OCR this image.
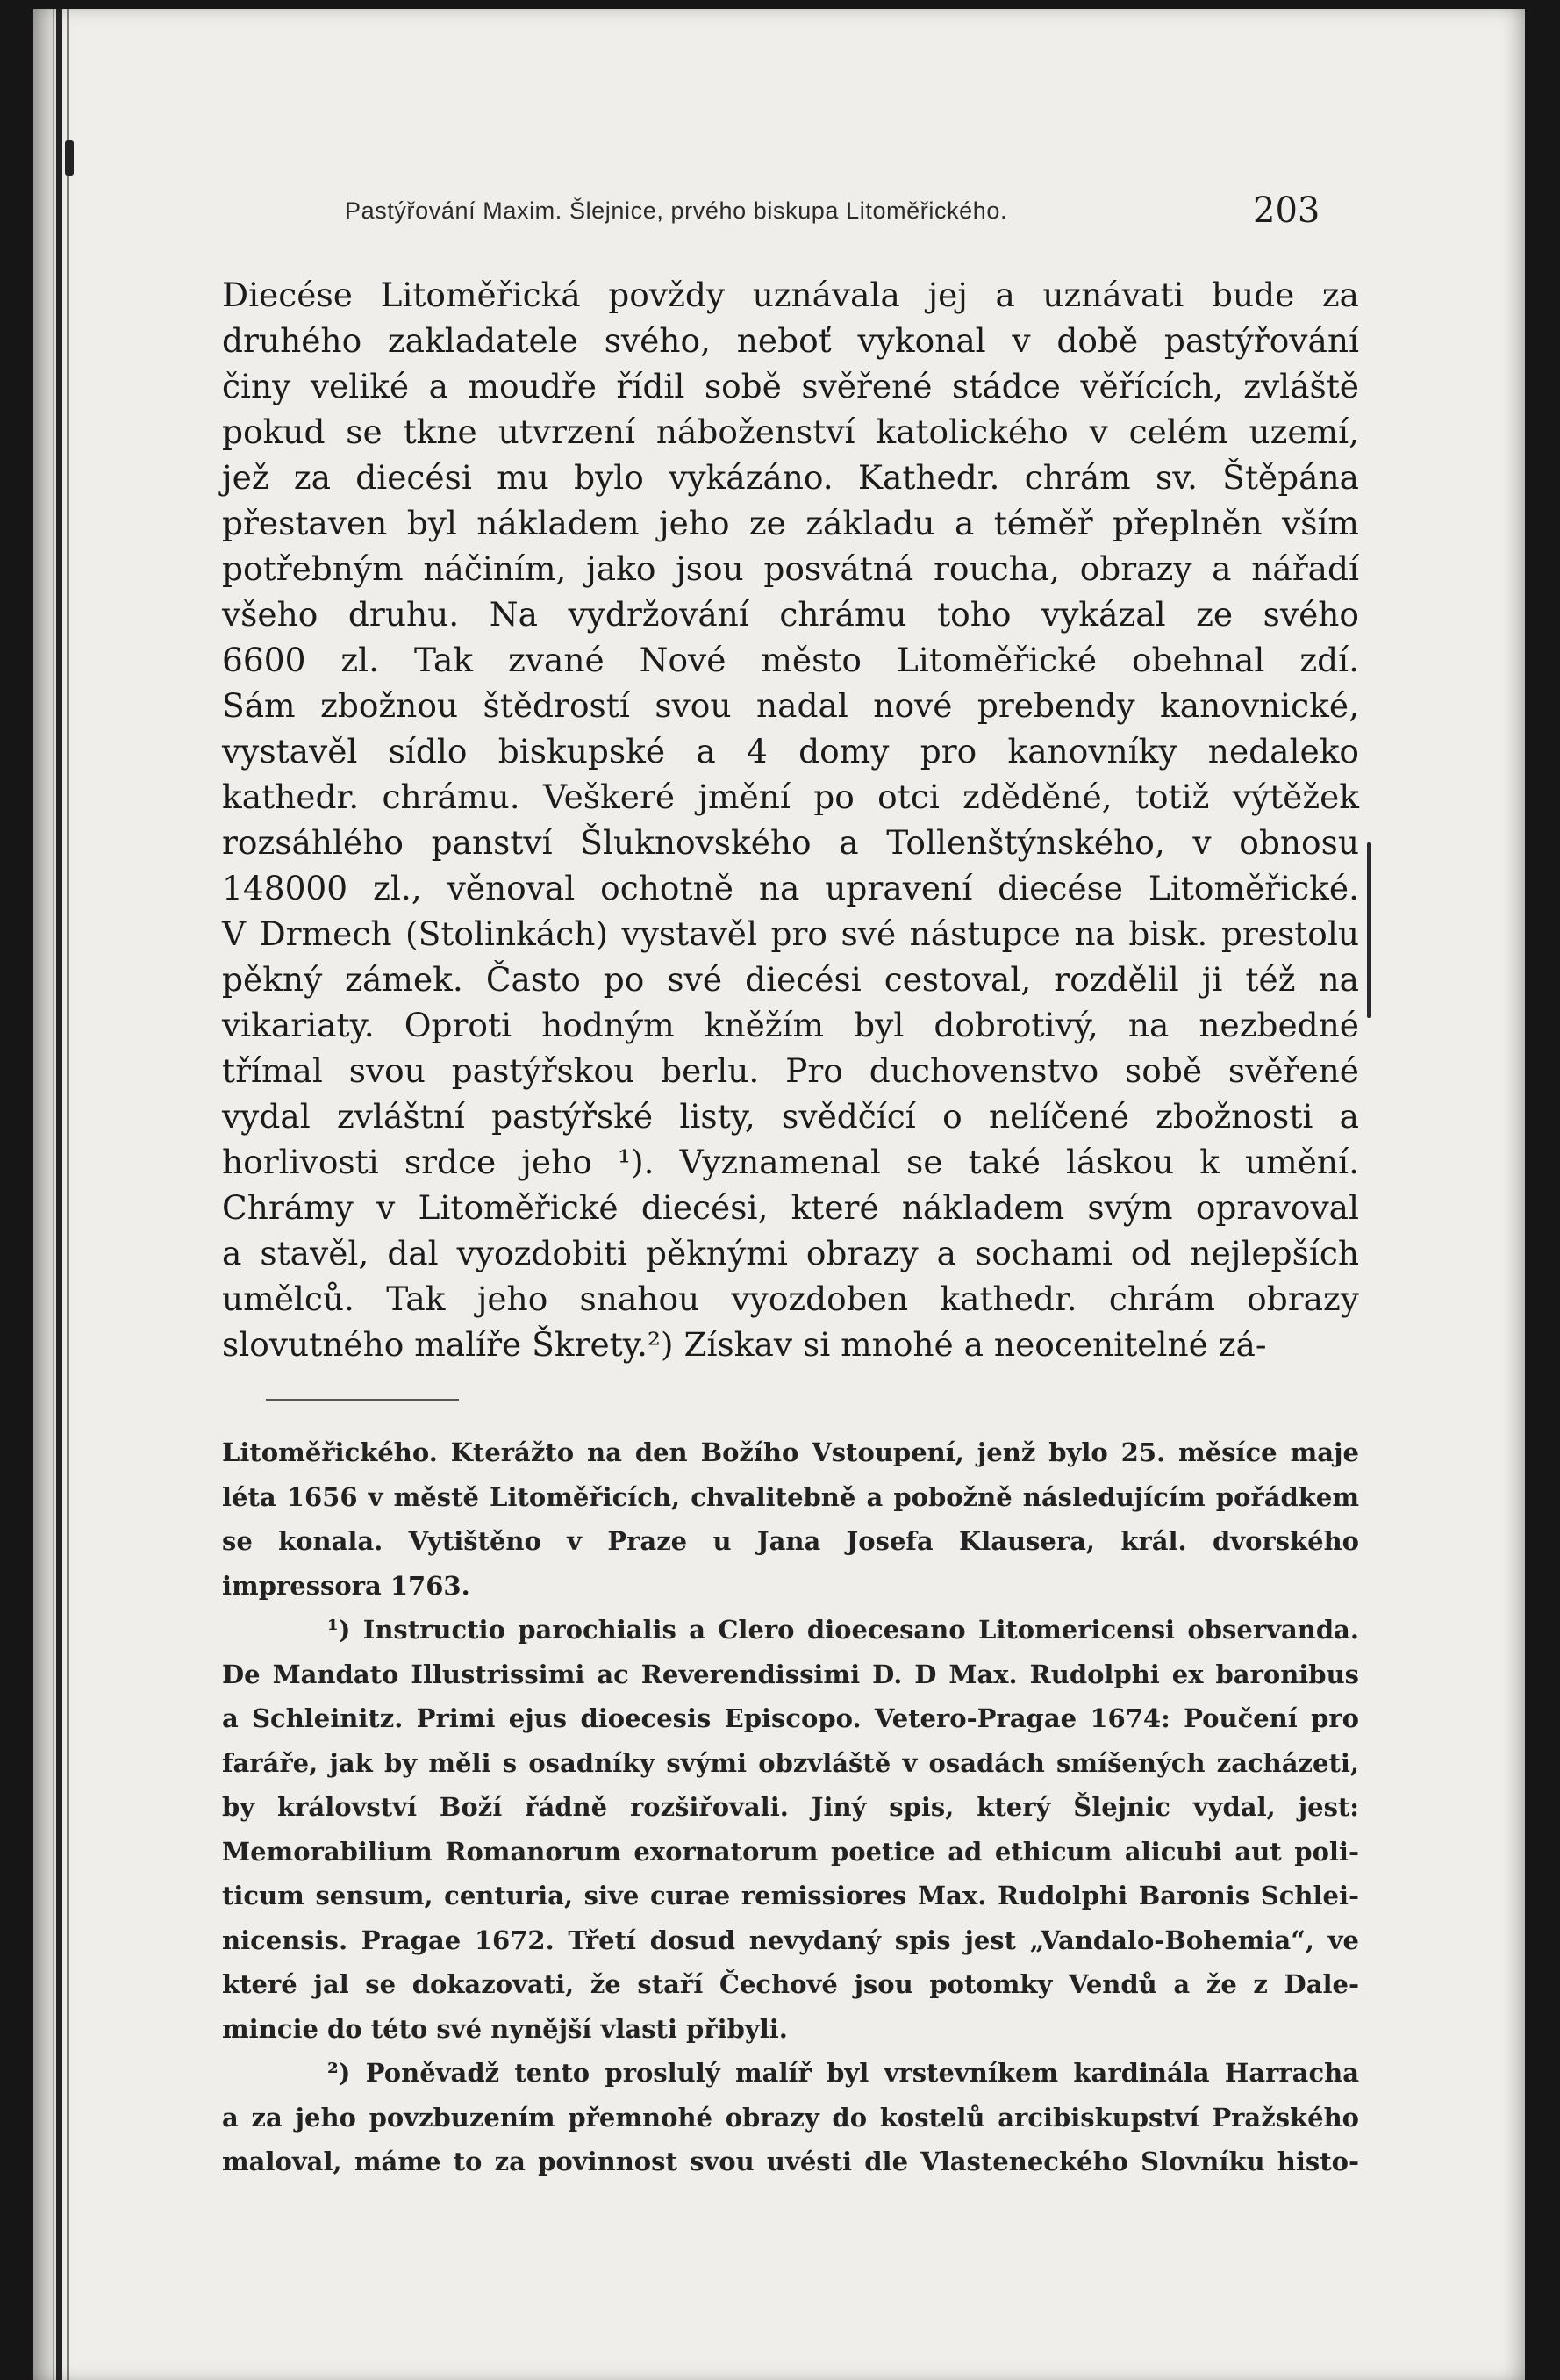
Pastýřování Maxim. Šlejnice, prvého biskupa Litoměřického.	203
Diecése Litoměřická povždy uznávala jej a uznávati bude za
druhého zakladatele svého, neboť vykonal v době pastýřování
činy veliké a moudře řídil sobě svěřené stádce věřících, zvláště
pokud se tkne utvrzení náboženství katolického v celém uzemí,
jež za diecési mu bylo vykázáno. Kathedr. chrám sv. Štěpána
přestaven byl nákladem jeho ze základu a téměř přeplněn vším
potřebným náčiním, jako jsou posvátná roucha, obrazy a nářadí
všeho druhu. Na vydržování chrámu toho vykázal ze svého
6600 zl. Tak zvané Nové město Litoměřické obehnal zdí.
Sám zbožnou štědrostí svou nadal nové prebendy kanovnické,
vystavěl sídlo biskupské a 4 domy pro kanovníky nedaleko
kathedr. chrámu. Veškeré jmění po otci zděděné, totiž výtěžek
rozsáhlého panství Šluknovského a Tollenštýnského, v obnosu
148000 zl., věnoval ochotně na upravení diecése Litoměřické.
V Drmech (Stolinkách) vystavěl pro své nástupce na bisk. prestolu
pěkný zámek. Často po své diecési cestoval, rozdělil ji též na
vikariaty. Oproti hodným kněžím byl dobrotivý, na nezbedné
třímal svou pastýřskou berlu. Pro duchovenstvo sobě svěřené
vydal zvláštní pastýřské listy, svědčící o nelíčené zbožnosti a
horlivosti srdce jeho ¹). Vyznamenal se také láskou k umění.
Chrámy v Litoměřické diecési, které nákladem svým opravoval
a stavěl, dal vyozdobiti pěknými obrazy a sochami od nejlepších
umělců. Tak jeho snahou vyozdoben kathedr. chrám obrazy
slovutného malíře Škrety.²) Získav si mnohé a neocenitelné zá-
Litoměřického. Kterážto na den Božího Vstoupení, jenž bylo 25. měsíce maje
léta 1656 v městě Litoměřicích, chvalitebně a pobožně následujícím pořádkem
se konala. Vytištěno v Praze u Jana Josefa Klausera, král. dvorského
impressora 1763.
¹) Instructio parochialis a Clero dioecesano Litomericensi observanda.
De Mandato Illustrissimi ac Reverendissimi D. D Max. Rudolphi ex baronibus
a Schleinitz. Primi ejus dioecesis Episcopo. Vetero-Pragae 1674: Poučení pro
faráře, jak by měli s osadníky svými obzvláště v osadách smíšených zacházeti,
by království Boží řádně rozšiřovali. Jiný spis, který Šlejnic vydal, jest:
Memorabilium Romanorum exornatorum poetice ad ethicum alicubi aut poli-
ticum sensum, centuria, sive curae remissiores Max. Rudolphi Baronis Schlei-
nicensis. Pragae 1672. Třetí dosud nevydaný spis jest „Vandalo-Bohemia“, ve
které jal se dokazovati, že staří Čechové jsou potomky Vendů a že z Dale-
mincie do této své nynější vlasti přibyli.
²) Poněvadž tento proslulý malíř byl vrstevníkem kardinála Harracha
a za jeho povzbuzením přemnohé obrazy do kostelů arcibiskupství Pražského
maloval, máme to za povinnost svou uvésti dle Vlasteneckého Slovníku histo-
